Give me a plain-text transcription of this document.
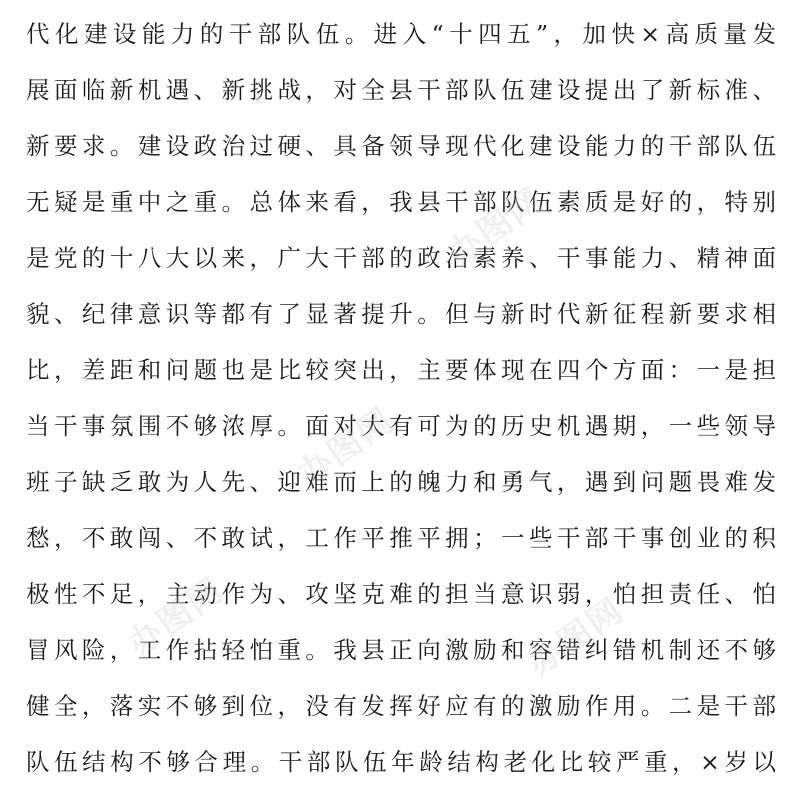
代化建设能力的干部队伍。进入“十四五”，加快×高质量发
展面临新机遇、新挑战，对全县干部队伍建设提出了新标准、
新要求。建设政治过硬、具备领导现代化建设能力的干部队伍
无疑是重中之重。总体来看，我县干部队伍素质是好的，特别
是党的十八大以来，广大干部的政治素养、干事能力、精神面
貌、纪律意识等都有了显著提升。但与新时代新征程新要求相
比，差距和问题也是比较突出，主要体现在四个方面：一是担
当干事氛围不够浓厚。面对大有可为的历史机遇期，一些领导
班子缺乏敢为人先、迎难而上的魄力和勇气，遇到问题畏难发
愁，不敢闯、不敢试，工作平推平拥；一些干部干事创业的积
极性不足，主动作为、攻坚克难的担当意识弱，怕担责任、怕
冒风险，工作拈轻怕重。我县正向激励和容错纠错机制还不够
健全，落实不够到位，没有发挥好应有的激励作用。二是干部
队伍结构不够合理。干部队伍年龄结构老化比较严重，×岁以
办图网
办图网
办图网	办图网
